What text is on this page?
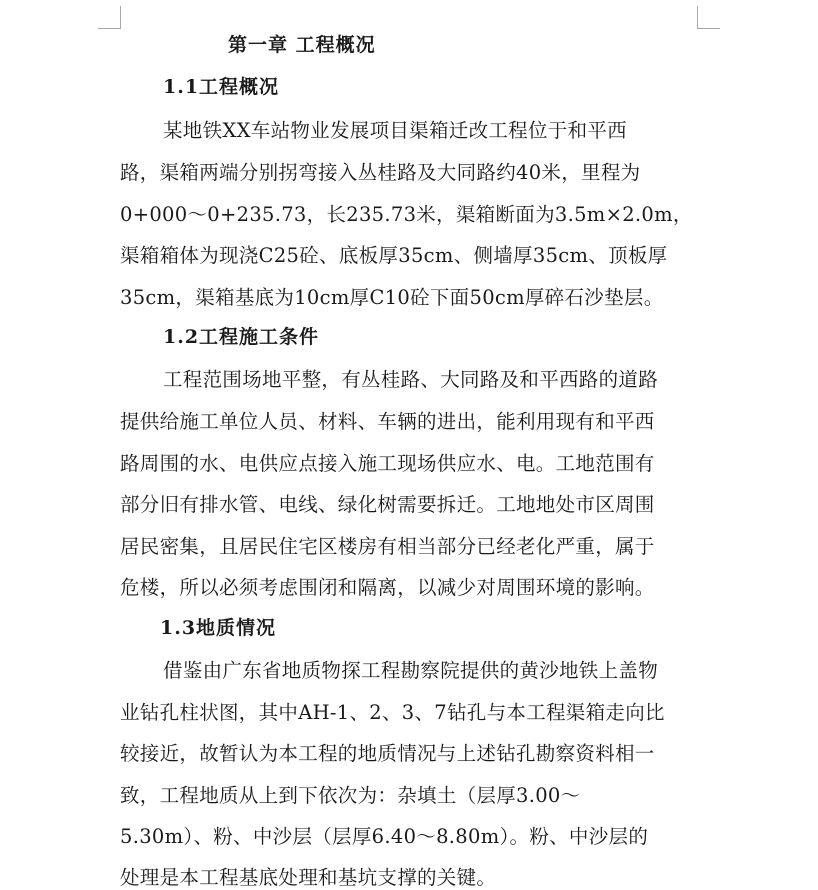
第一章 工程概况
1.1工程概况
某地铁XX车站物业发展项目渠箱迁改工程位于和平西
路，渠箱两端分别拐弯接入丛桂路及大同路约40米，里程为
0+000～0+235.73，长235.73米，渠箱断面为3.5m×2.0m，
渠箱箱体为现浇C25砼、底板厚35cm、侧墙厚35cm、顶板厚
35cm，渠箱基底为10cm厚C10砼下面50cm厚碎石沙垫层。
1.2工程施工条件
工程范围场地平整，有丛桂路、大同路及和平西路的道路
提供给施工单位人员、材料、车辆的进出，能利用现有和平西
路周围的水、电供应点接入施工现场供应水、电。工地范围有
部分旧有排水管、电线、绿化树需要拆迁。工地地处市区周围
居民密集，且居民住宅区楼房有相当部分已经老化严重，属于
危楼，所以必须考虑围闭和隔离，以减少对周围环境的影响。
1.3地质情况
借鉴由广东省地质物探工程勘察院提供的黄沙地铁上盖物
业钻孔柱状图，其中AH-1、2、3、7钻孔与本工程渠箱走向比
较接近，故暂认为本工程的地质情况与上述钻孔勘察资料相一
致，工程地质从上到下依次为：杂填土（层厚3.00～
5.30m）、粉、中沙层（层厚6.40～8.80m）。粉、中沙层的
处理是本工程基底处理和基坑支撑的关键。
